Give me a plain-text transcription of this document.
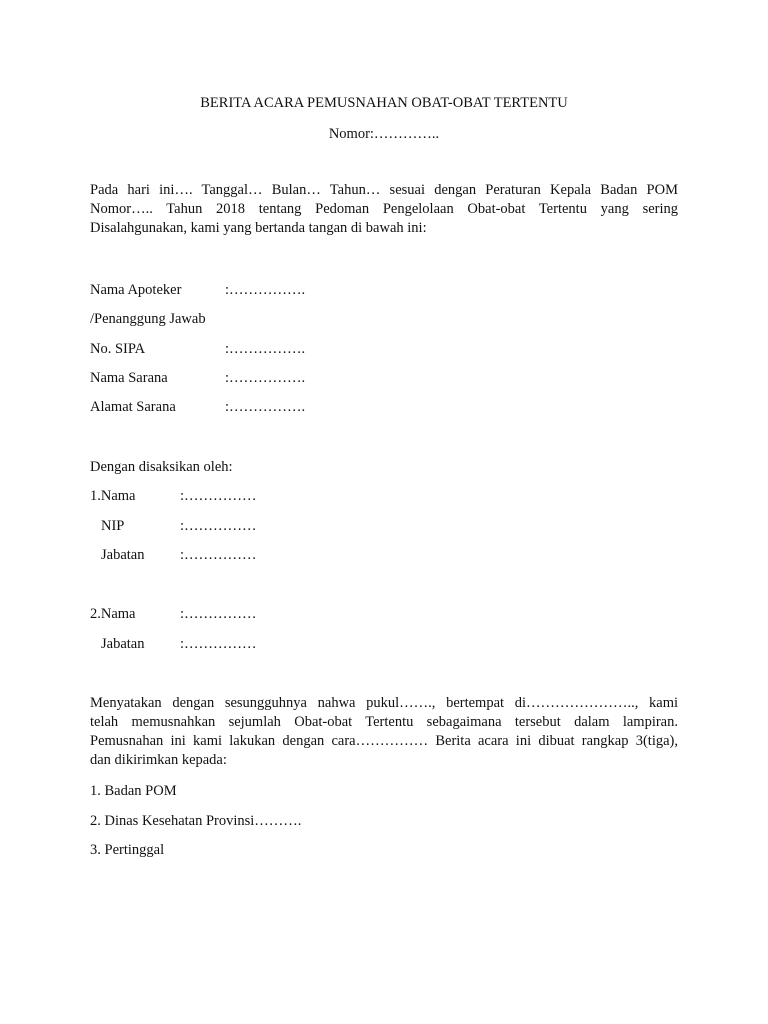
BERITA ACARA PEMUSNAHAN OBAT-OBAT TERTENTU
Nomor:…………..
Pada hari ini…. Tanggal… Bulan… Tahun… sesuai dengan Peraturan Kepala Badan POM
Nomor….. Tahun 2018 tentang Pedoman Pengelolaan Obat-obat Tertentu yang sering
Disalahgunakan, kami yang bertanda tangan di bawah ini:
Nama Apoteker	:…………….
/Penanggung Jawab
No. SIPA	:…………….
Nama Sarana	:…………….
Alamat Sarana	:…………….
Dengan disaksikan oleh:
1.Nama	:……………
NIP	:……………
Jabatan :……………
2.Nama	:……………
Jabatan :……………
Menyatakan dengan sesungguhnya nahwa pukul……., bertempat di………………….., kami
telah memusnahkan sejumlah Obat-obat Tertentu sebagaimana tersebut dalam lampiran.
Pemusnahan ini kami lakukan dengan cara…………… Berita acara ini dibuat rangkap 3(tiga),
dan dikirimkan kepada:
1. Badan POM
2. Dinas Kesehatan Provinsi……….
3. Pertinggal
